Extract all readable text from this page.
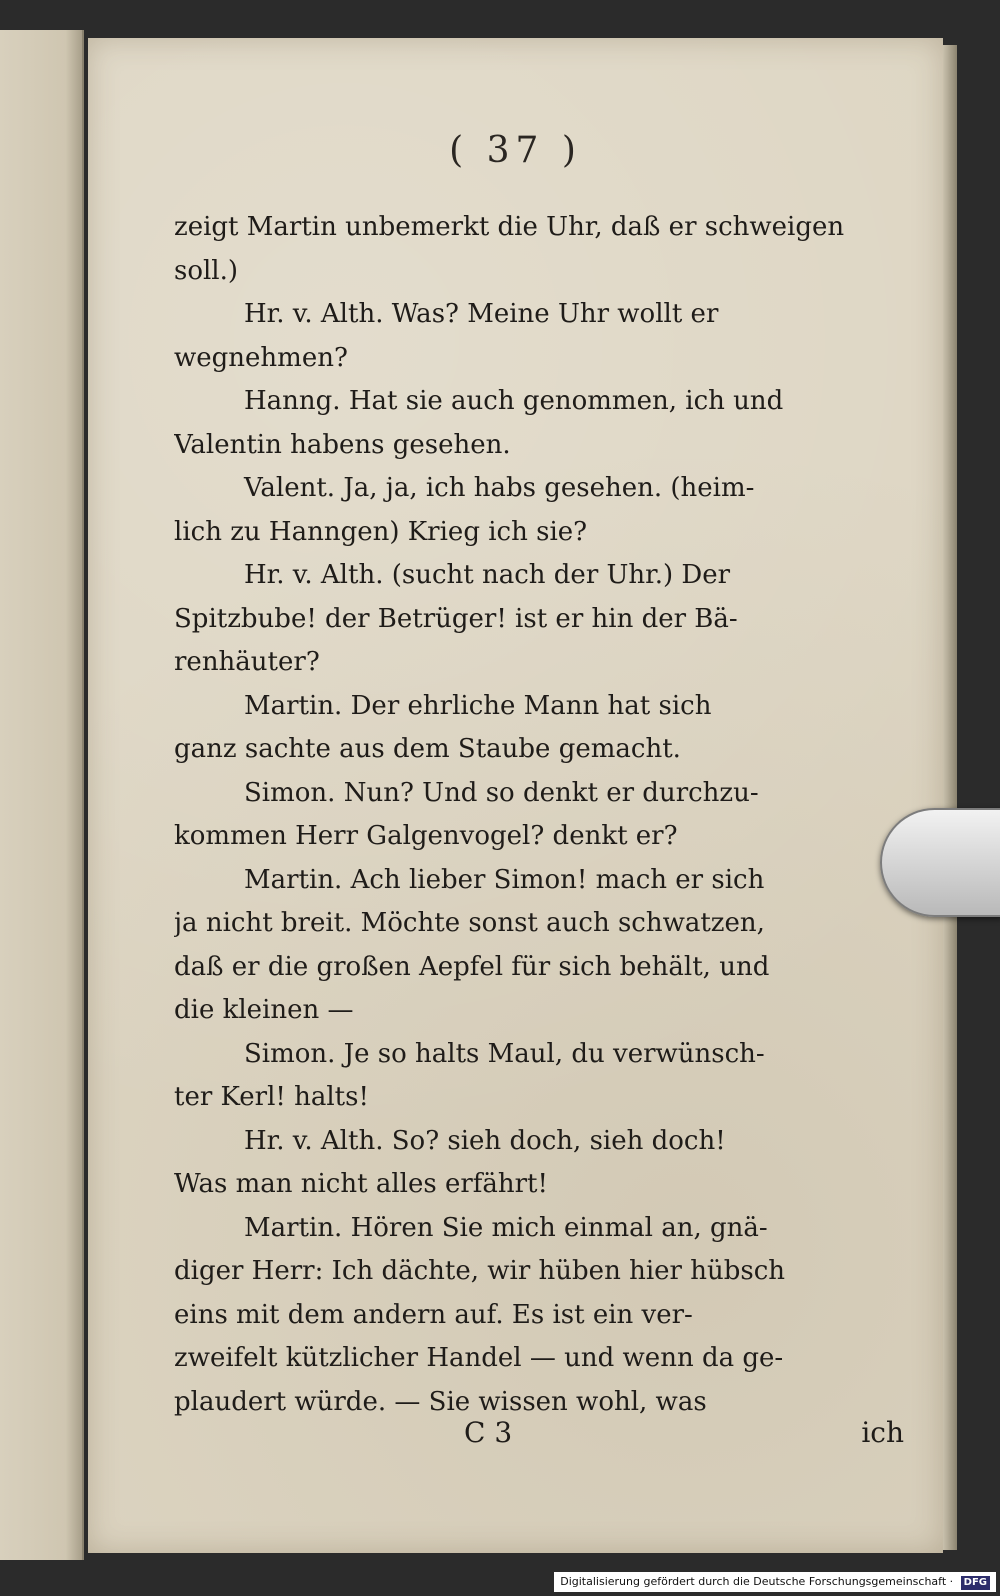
( 37 )
zeigt Martin unbemerkt die Uhr, daß er schweigen
soll.)
Hr. v. Alth. Was? Meine Uhr wollt er
wegnehmen?
Hanng. Hat sie auch genommen, ich und
Valentin habens gesehen.
Valent. Ja, ja, ich habs gesehen. (heim-
lich zu Hanngen) Krieg ich sie?
Hr. v. Alth. (sucht nach der Uhr.) Der
Spitzbube! der Betrüger! ist er hin der Bä-
renhäuter?
Martin. Der ehrliche Mann hat sich
ganz sachte aus dem Staube gemacht.
Simon. Nun? Und so denkt er durchzu-
kommen Herr Galgenvogel? denkt er?
Martin. Ach lieber Simon! mach er sich
ja nicht breit. Möchte sonst auch schwatzen,
daß er die großen Aepfel für sich behält, und
die kleinen —
Simon. Je so halts Maul, du verwünsch-
ter Kerl! halts!
Hr. v. Alth. So? sieh doch, sieh doch!
Was man nicht alles erfährt!
Martin. Hören Sie mich einmal an, gnä-
diger Herr: Ich dächte, wir hüben hier hübsch
eins mit dem andern auf. Es ist ein ver-
zweifelt kützlicher Handel — und wenn da ge-
plaudert würde. — Sie wissen wohl, was
C 3	ich
Digitalisierung gefördert durch die Deutsche Forschungsgemeinschaft · DFG
